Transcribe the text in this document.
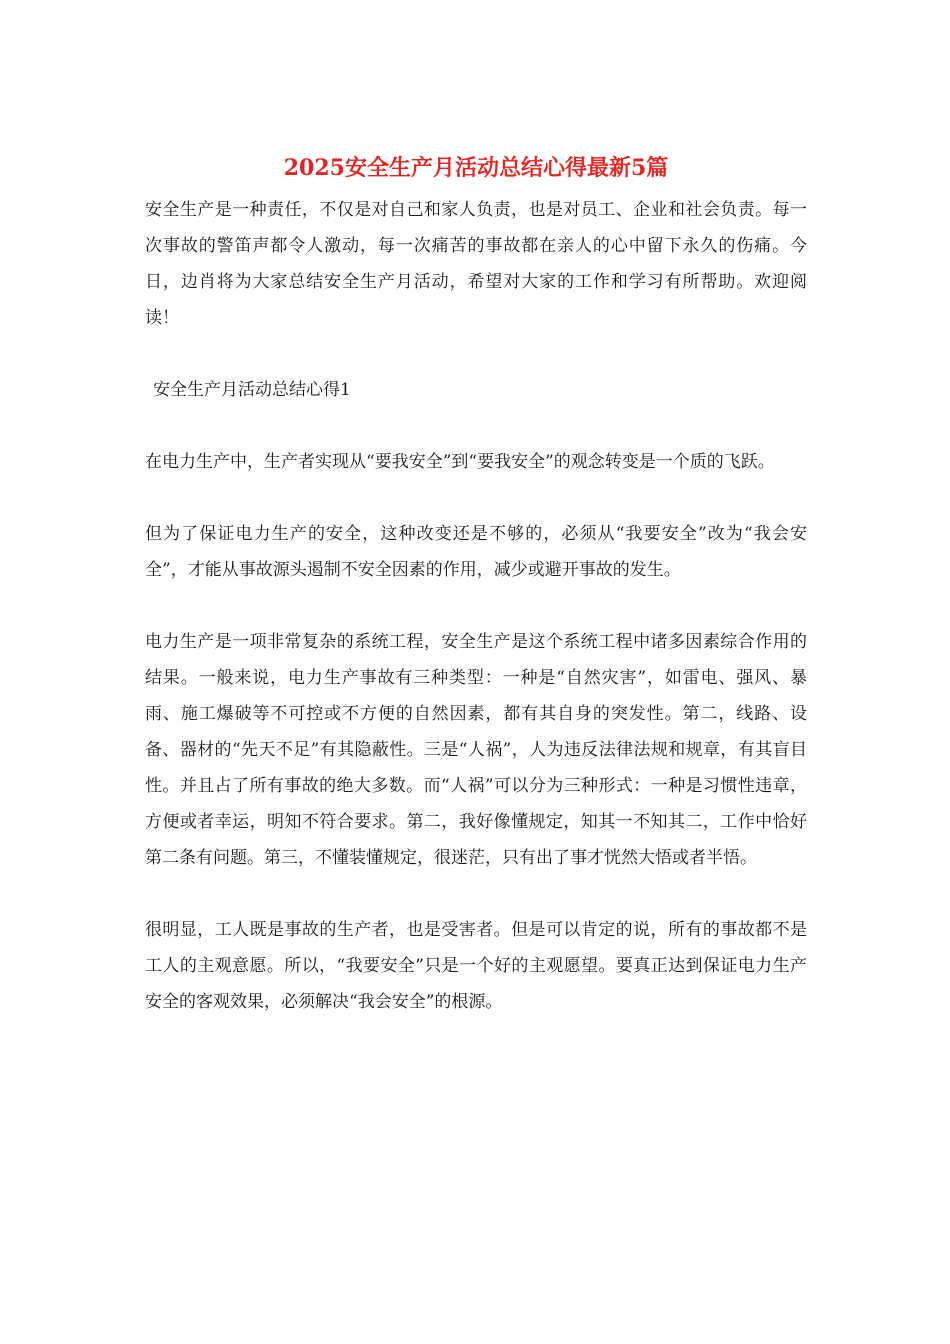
2025安全生产月活动总结心得最新5篇

安全生产是一种责任，不仅是对自己和家人负责，也是对员工、企业和社会负责。每一次事故的警笛声都令人激动，每一次痛苦的事故都在亲人的心中留下永久的伤痛。今日，边肖将为大家总结安全生产月活动，希望对大家的工作和学习有所帮助。欢迎阅读！

安全生产月活动总结心得1

在电力生产中，生产者实现从“要我安全”到“要我安全”的观念转变是一个质的飞跃。

但为了保证电力生产的安全，这种改变还是不够的，必须从“我要安全”改为“我会安全”，才能从事故源头遏制不安全因素的作用，减少或避开事故的发生。

电力生产是一项非常复杂的系统工程，安全生产是这个系统工程中诸多因素综合作用的结果。一般来说，电力生产事故有三种类型：一种是“自然灾害”，如雷电、强风、暴雨、施工爆破等不可控或不方便的自然因素，都有其自身的突发性。第二，线路、设备、器材的“先天不足”有其隐蔽性。三是“人祸”，人为违反法律法规和规章，有其盲目性。并且占了所有事故的绝大多数。而“人祸”可以分为三种形式：一种是习惯性违章，方便或者幸运，明知不符合要求。第二，我好像懂规定，知其一不知其二，工作中恰好第二条有问题。第三，不懂装懂规定，很迷茫，只有出了事才恍然大悟或者半悟。

很明显，工人既是事故的生产者，也是受害者。但是可以肯定的说，所有的事故都不是工人的主观意愿。所以，“我要安全”只是一个好的主观愿望。要真正达到保证电力生产安全的客观效果，必须解决“我会安全”的根源。
